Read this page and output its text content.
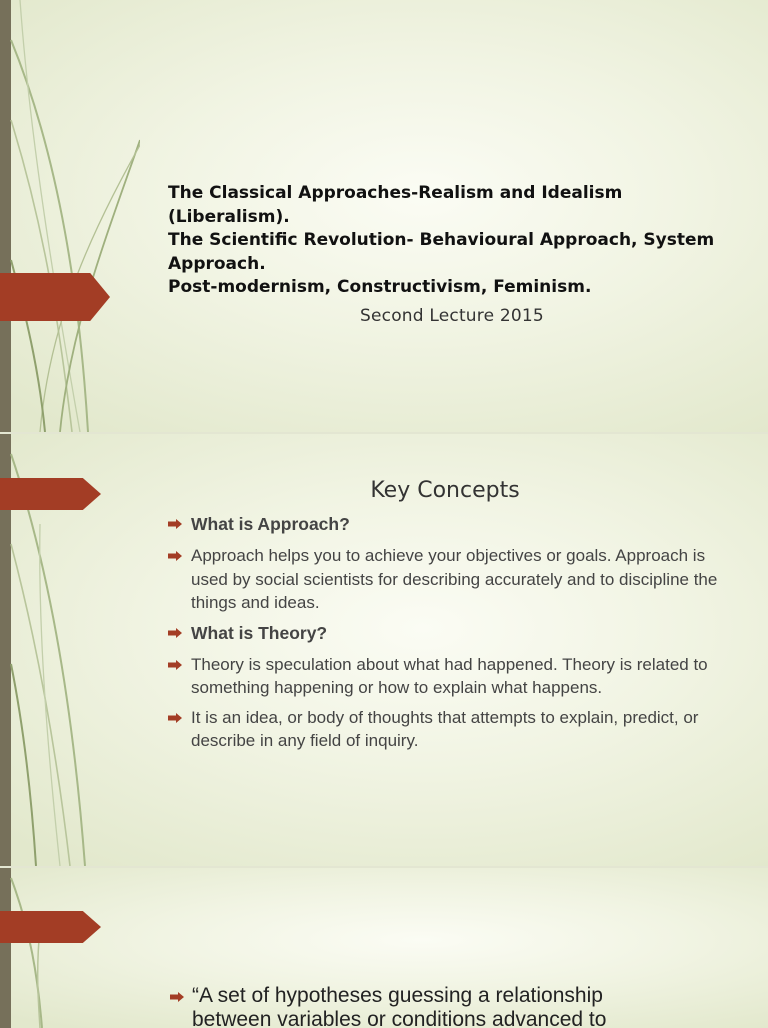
The Classical Approaches-Realism and Idealism
(Liberalism).
The Scientific Revolution- Behavioural Approach, System
Approach.
Post-modernism, Constructivism, Feminism.
Second Lecture 2015
Key Concepts
What is Approach?
Approach helps you to achieve your objectives or goals. Approach is used by social scientists for describing accurately and to discipline the things and ideas.
What is Theory?
Theory is speculation about what had happened. Theory is related to something happening or how to explain what happens.
It is an idea, or body of thoughts that attempts to explain, predict, or describe in any field of inquiry.
“A set of hypotheses guessing a relationship
between variables or conditions advanced to
